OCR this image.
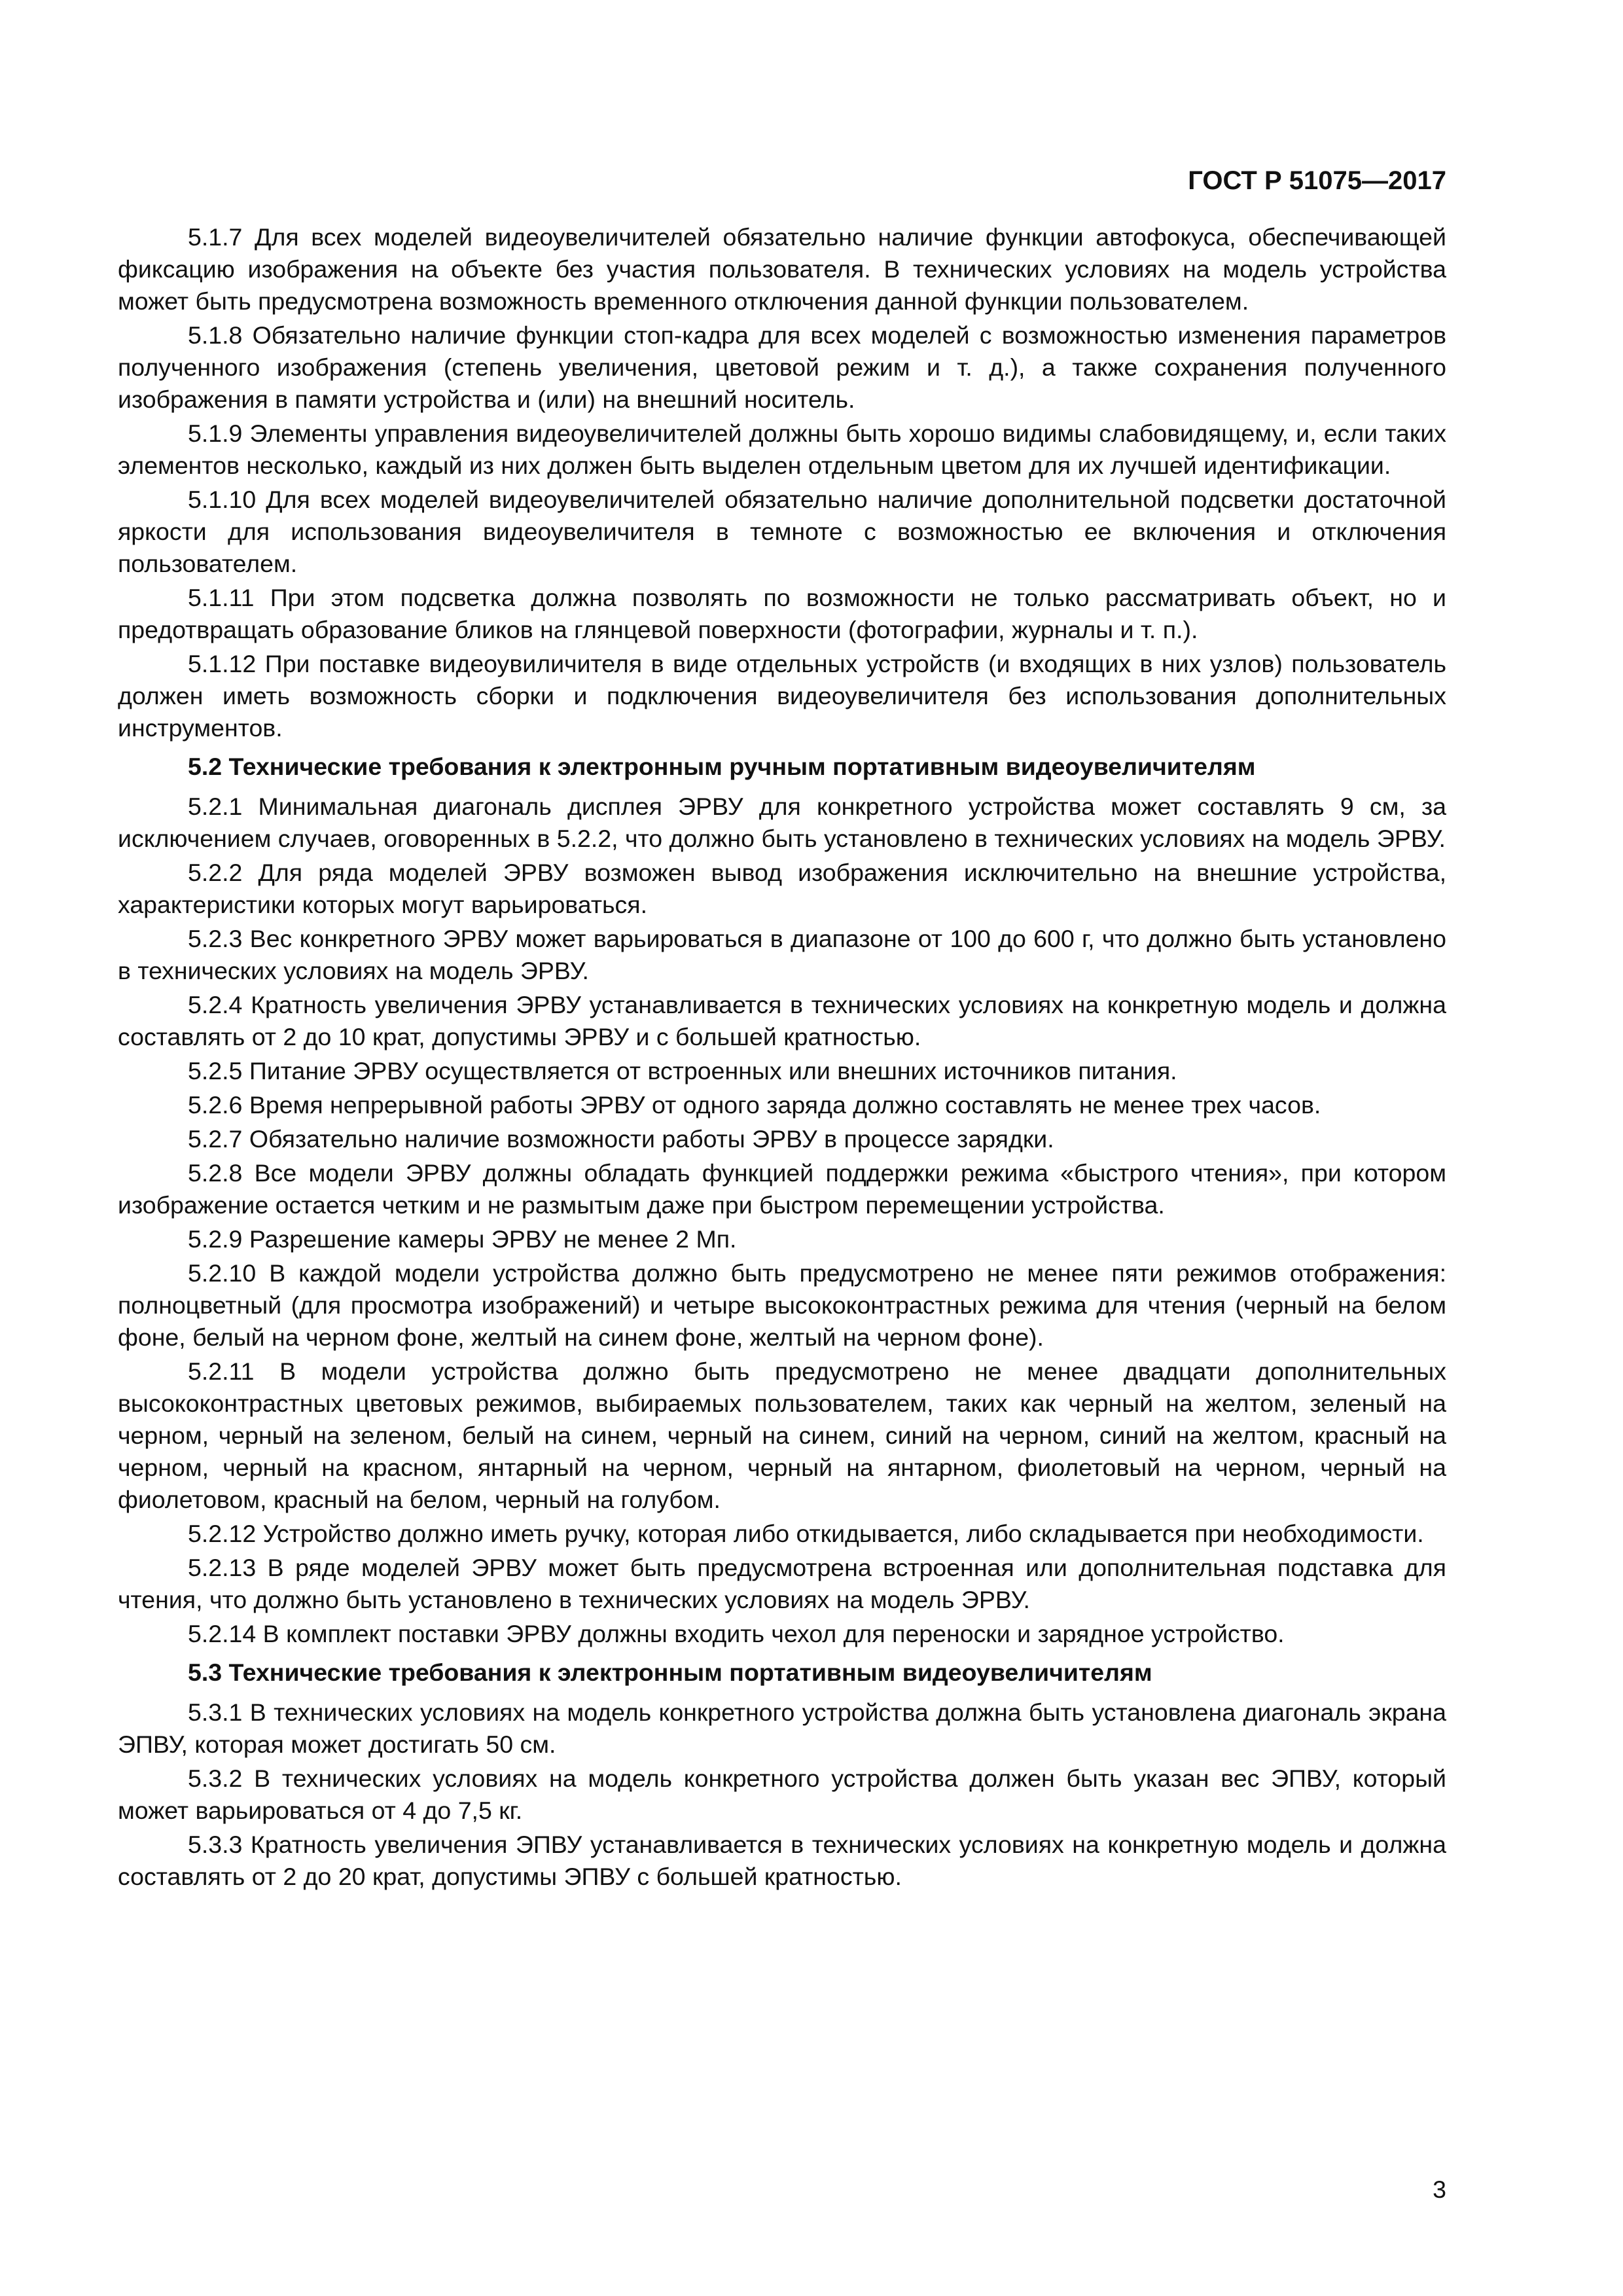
ГОСТ Р 51075—2017

5.1.7 Для всех моделей видеоувеличителей обязательно наличие функции автофокуса, обеспечивающей фиксацию изображения на объекте без участия пользователя. В технических условиях на модель устройства может быть предусмотрена возможность временного отключения данной функции пользователем.

5.1.8 Обязательно наличие функции стоп-кадра для всех моделей с возможностью изменения параметров полученного изображения (степень увеличения, цветовой режим и т. д.), а также сохранения полученного изображения в памяти устройства и (или) на внешний носитель.

5.1.9 Элементы управления видеоувеличителей должны быть хорошо видимы слабовидящему, и, если таких элементов несколько, каждый из них должен быть выделен отдельным цветом для их лучшей идентификации.

5.1.10 Для всех моделей видеоувеличителей обязательно наличие дополнительной подсветки достаточной яркости для использования видеоувеличителя в темноте с возможностью ее включения и отключения пользователем.

5.1.11 При этом подсветка должна позволять по возможности не только рассматривать объект, но и предотвращать образование бликов на глянцевой поверхности (фотографии, журналы и т. п.).

5.1.12 При поставке видеоувиличителя в виде отдельных устройств (и входящих в них узлов) пользователь должен иметь возможность сборки и подключения видеоувеличителя без использования дополнительных инструментов.

5.2 Технические требования к электронным ручным портативным видеоувеличителям

5.2.1 Минимальная диагональ дисплея ЭРВУ для конкретного устройства может составлять 9 см, за исключением случаев, оговоренных в 5.2.2, что должно быть установлено в технических условиях на модель ЭРВУ.

5.2.2 Для ряда моделей ЭРВУ возможен вывод изображения исключительно на внешние устройства, характеристики которых могут варьироваться.

5.2.3 Вес конкретного ЭРВУ может варьироваться в диапазоне от 100 до 600 г, что должно быть установлено в технических условиях на модель ЭРВУ.

5.2.4 Кратность увеличения ЭРВУ устанавливается в технических условиях на конкретную модель и должна составлять от 2 до 10 крат, допустимы ЭРВУ и с большей кратностью.

5.2.5 Питание ЭРВУ осуществляется от встроенных или внешних источников питания.

5.2.6 Время непрерывной работы ЭРВУ от одного заряда должно составлять не менее трех часов.

5.2.7 Обязательно наличие возможности работы ЭРВУ в процессе зарядки.

5.2.8 Все модели ЭРВУ должны обладать функцией поддержки режима «быстрого чтения», при котором изображение остается четким и не размытым даже при быстром перемещении устройства.

5.2.9 Разрешение камеры ЭРВУ не менее 2 Мп.

5.2.10 В каждой модели устройства должно быть предусмотрено не менее пяти режимов отображения: полноцветный (для просмотра изображений) и четыре высококонтрастных режима для чтения (черный на белом фоне, белый на черном фоне, желтый на синем фоне, желтый на черном фоне).

5.2.11 В модели устройства должно быть предусмотрено не менее двадцати дополнительных высококонтрастных цветовых режимов, выбираемых пользователем, таких как черный на желтом, зеленый на черном, черный на зеленом, белый на синем, черный на синем, синий на черном, синий на желтом, красный на черном, черный на красном, янтарный на черном, черный на янтарном, фиолетовый на черном, черный на фиолетовом, красный на белом, черный на голубом.

5.2.12 Устройство должно иметь ручку, которая либо откидывается, либо складывается при необходимости.

5.2.13 В ряде моделей ЭРВУ может быть предусмотрена встроенная или дополнительная подставка для чтения, что должно быть установлено в технических условиях на модель ЭРВУ.

5.2.14 В комплект поставки ЭРВУ должны входить чехол для переноски и зарядное устройство.

5.3 Технические требования к электронным портативным видеоувеличителям

5.3.1 В технических условиях на модель конкретного устройства должна быть установлена диагональ экрана ЭПВУ, которая может достигать 50 см.

5.3.2 В технических условиях на модель конкретного устройства должен быть указан вес ЭПВУ, который может варьироваться от 4 до 7,5 кг.

5.3.3 Кратность увеличения ЭПВУ устанавливается в технических условиях на конкретную модель и должна составлять от 2 до 20 крат, допустимы ЭПВУ с большей кратностью.

3
